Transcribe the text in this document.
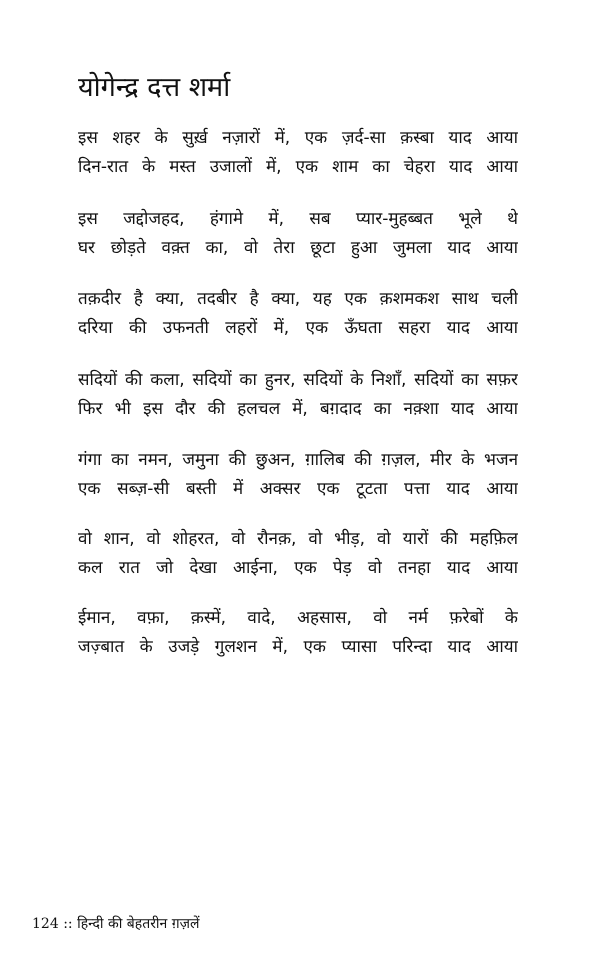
योगेन्द्र दत्त शर्मा
इस शहर के सुर्ख़ नज़ारों में, एक ज़र्द-सा क़स्बा याद आया
दिन-रात के मस्त उजालों में, एक शाम का चेहरा याद आया
इस जद्दोजहद, हंगामे में, सब प्यार-मुहब्बत भूले थे
घर छोड़ते वक़्त का, वो तेरा छूटा हुआ जुमला याद आया
तक़दीर है क्या, तदबीर है क्या, यह एक क़शमकश साथ चली
दरिया की उफनती लहरों में, एक ऊँघता सहरा याद आया
सदियों की कला, सदियों का हुनर, सदियों के निशाँ, सदियों का सफ़र
फिर भी इस दौर की हलचल में, बग़दाद का नक़्शा याद आया
गंगा का नमन, जमुना की छुअन, ग़ालिब की ग़ज़ल, मीर के भजन
एक सब्ज़-सी बस्ती में अक्सर एक टूटता पत्ता याद आया
वो शान, वो शोहरत, वो रौनक़, वो भीड़, वो यारों की महफ़िल
कल रात जो देखा आईना, एक पेड़ वो तनहा याद आया
ईमान, वफ़ा, क़स्में, वादे, अहसास, वो नर्म फ़रेबों के
जज़्बात के उजड़े गुलशन में, एक प्यासा परिन्दा याद आया
124 :: हिन्दी की बेहतरीन ग़ज़लें
